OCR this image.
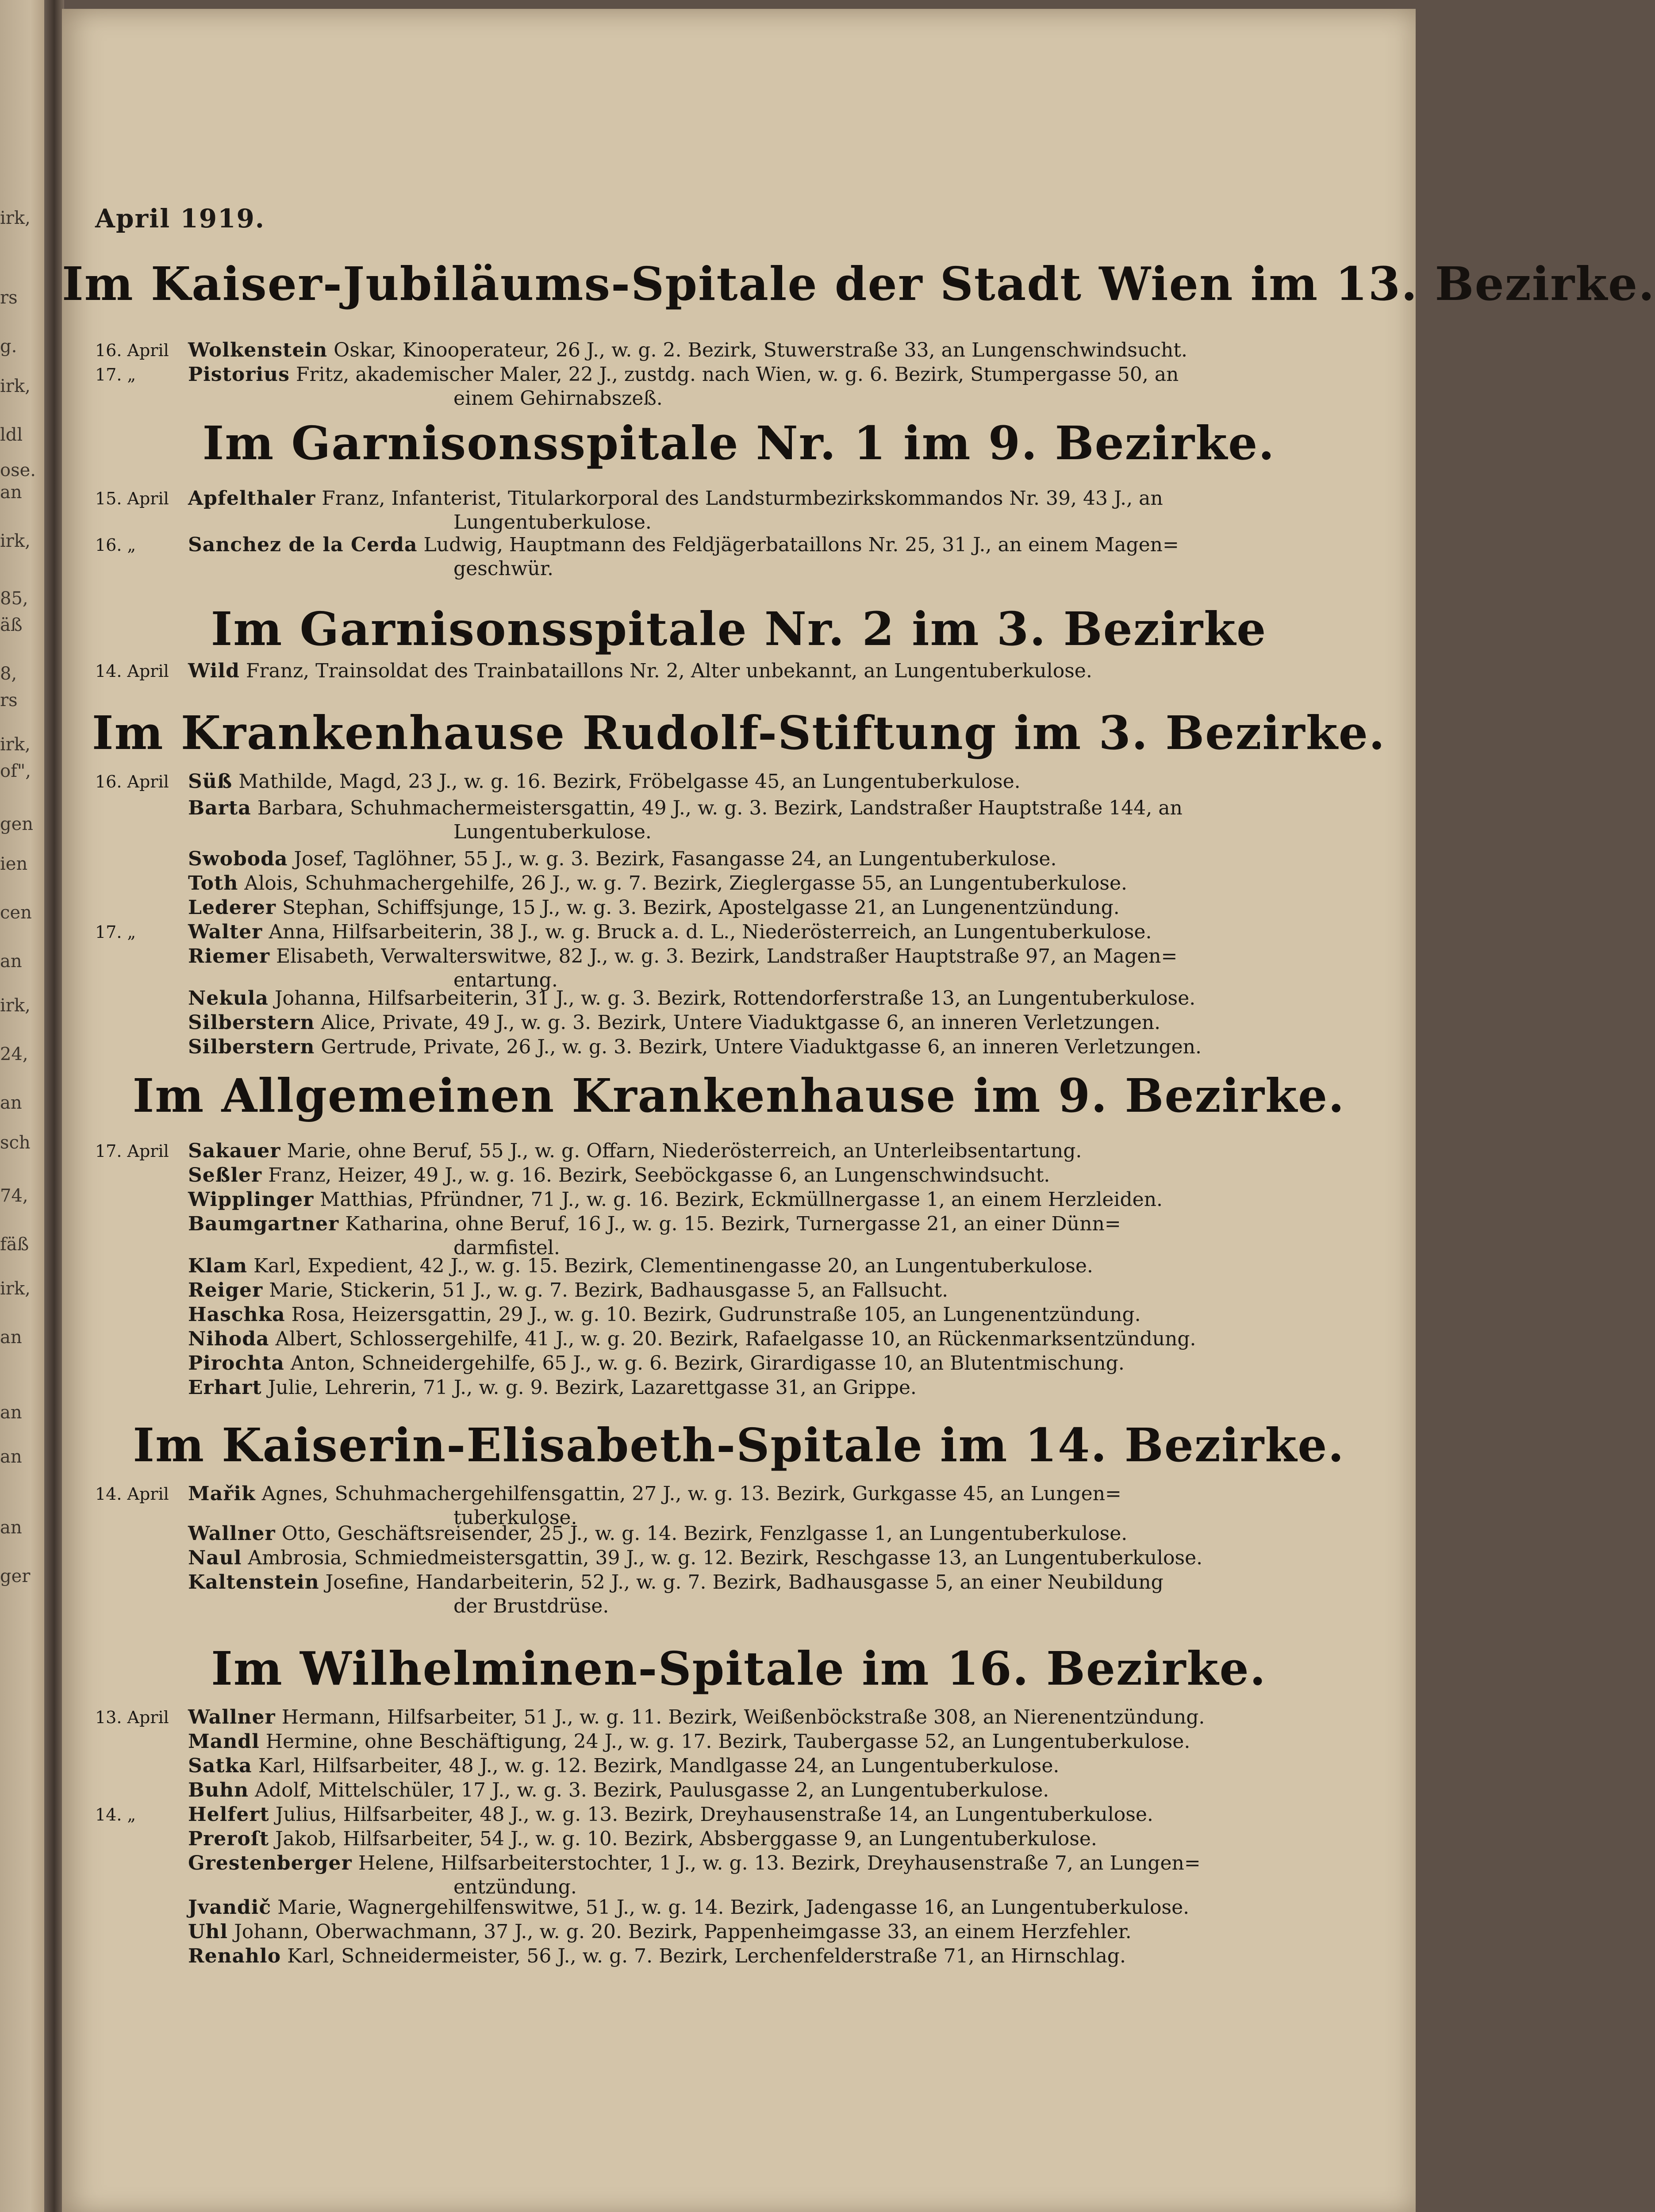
irk,
rs
g.
irk,
ldl
ose.
an
irk,
85,
äß
8,
rs
irk,
of",
gen
ien
cen
an
irk,
24,
an
sch
74,
fäß
irk,
an
an
an
an
ger
April 1919.
Im Kaiser-Jubiläums-Spitale der Stadt Wien im 13. Bezirke.
16. April Wolkenstein Oskar, Kinooperateur, 26 J., w. g. 2. Bezirk, Stuwerstraße 33, an Lungenschwindsucht.
17. „	Pistorius Fritz, akademischer Maler, 22 J., zustdg. nach Wien, w. g. 6. Bezirk, Stumpergasse 50, an
einem Gehirnabszeß.
Im Garnisonsspitale Nr. 1 im 9. Bezirke.
15. April Apfelthaler Franz, Infanterist, Titularkorporal des Landsturmbezirkskommandos Nr. 39, 43 J., an
Lungentuberkulose.
16. „	Sanchez de la Cerda Ludwig, Hauptmann des Feldjägerbataillons Nr. 25, 31 J., an einem Magen=
geschwür.
Im Garnisonsspitale Nr. 2 im 3. Bezirke
14. April Wild Franz, Trainsoldat des Trainbataillons Nr. 2, Alter unbekannt, an Lungentuberkulose.
Im Krankenhause Rudolf-Stiftung im 3. Bezirke.
16. April Süß Mathilde, Magd, 23 J., w. g. 16. Bezirk, Fröbelgasse 45, an Lungentuberkulose.
Barta Barbara, Schuhmachermeistersgattin, 49 J., w. g. 3. Bezirk, Landstraßer Hauptstraße 144, an
Lungentuberkulose.
Swoboda Josef, Taglöhner, 55 J., w. g. 3. Bezirk, Fasangasse 24, an Lungentuberkulose.
Toth Alois, Schuhmachergehilfe, 26 J., w. g. 7. Bezirk, Zieglergasse 55, an Lungentuberkulose.
Lederer Stephan, Schiffsjunge, 15 J., w. g. 3. Bezirk, Apostelgasse 21, an Lungenentzündung.
17. „	Walter Anna, Hilfsarbeiterin, 38 J., w. g. Bruck a. d. L., Niederösterreich, an Lungentuberkulose.
Riemer Elisabeth, Verwalterswitwe, 82 J., w. g. 3. Bezirk, Landstraßer Hauptstraße 97, an Magen=
entartung.
Nekula Johanna, Hilfsarbeiterin, 31 J., w. g. 3. Bezirk, Rottendorferstraße 13, an Lungentuberkulose.
Silberstern Alice, Private, 49 J., w. g. 3. Bezirk, Untere Viaduktgasse 6, an inneren Verletzungen.
Silberstern Gertrude, Private, 26 J., w. g. 3. Bezirk, Untere Viaduktgasse 6, an inneren Verletzungen.
Im Allgemeinen Krankenhause im 9. Bezirke.
17. April Sakauer Marie, ohne Beruf, 55 J., w. g. Offarn, Niederösterreich, an Unterleibsentartung.
Seßler Franz, Heizer, 49 J., w. g. 16. Bezirk, Seeböckgasse 6, an Lungenschwindsucht.
Wipplinger Matthias, Pfründner, 71 J., w. g. 16. Bezirk, Eckmüllnergasse 1, an einem Herzleiden.
Baumgartner Katharina, ohne Beruf, 16 J., w. g. 15. Bezirk, Turnergasse 21, an einer Dünn=
darmfistel.
Klam Karl, Expedient, 42 J., w. g. 15. Bezirk, Clementinengasse 20, an Lungentuberkulose.
Reiger Marie, Stickerin, 51 J., w. g. 7. Bezirk, Badhausgasse 5, an Fallsucht.
Haschka Rosa, Heizersgattin, 29 J., w. g. 10. Bezirk, Gudrunstraße 105, an Lungenentzündung.
Nihoda Albert, Schlossergehilfe, 41 J., w. g. 20. Bezirk, Rafaelgasse 10, an Rückenmarksentzündung.
Pirochta Anton, Schneidergehilfe, 65 J., w. g. 6. Bezirk, Girardigasse 10, an Blutentmischung.
Erhart Julie, Lehrerin, 71 J., w. g. 9. Bezirk, Lazarettgasse 31, an Grippe.
Im Kaiserin-Elisabeth-Spitale im 14. Bezirke.
14. April Mařik Agnes, Schuhmachergehilfensgattin, 27 J., w. g. 13. Bezirk, Gurkgasse 45, an Lungen=
tuberkulose.
Wallner Otto, Geschäftsreisender, 25 J., w. g. 14. Bezirk, Fenzlgasse 1, an Lungentuberkulose.
Naul Ambrosia, Schmiedmeistersgattin, 39 J., w. g. 12. Bezirk, Reschgasse 13, an Lungentuberkulose.
Kaltenstein Josefine, Handarbeiterin, 52 J., w. g. 7. Bezirk, Badhausgasse 5, an einer Neubildung
der Brustdrüse.
Im Wilhelminen-Spitale im 16. Bezirke.
13. April Wallner Hermann, Hilfsarbeiter, 51 J., w. g. 11. Bezirk, Weißenböckstraße 308, an Nierenentzündung.
Mandl Hermine, ohne Beschäftigung, 24 J., w. g. 17. Bezirk, Taubergasse 52, an Lungentuberkulose.
Satka Karl, Hilfsarbeiter, 48 J., w. g. 12. Bezirk, Mandlgasse 24, an Lungentuberkulose.
Buhn Adolf, Mittelschüler, 17 J., w. g. 3. Bezirk, Paulusgasse 2, an Lungentuberkulose.
14. „	Helfert Julius, Hilfsarbeiter, 48 J., w. g. 13. Bezirk, Dreyhausenstraße 14, an Lungentuberkulose.
Preroſt Jakob, Hilfsarbeiter, 54 J., w. g. 10. Bezirk, Absberggasse 9, an Lungentuberkulose.
Grestenberger Helene, Hilfsarbeiterstochter, 1 J., w. g. 13. Bezirk, Dreyhausenstraße 7, an Lungen=
entzündung.
Jvandič Marie, Wagnergehilfenswitwe, 51 J., w. g. 14. Bezirk, Jadengasse 16, an Lungentuberkulose.
Uhl Johann, Oberwachmann, 37 J., w. g. 20. Bezirk, Pappenheimgasse 33, an einem Herzfehler.
Renahlo Karl, Schneidermeister, 56 J., w. g. 7. Bezirk, Lerchenfelderstraße 71, an Hirnschlag.
